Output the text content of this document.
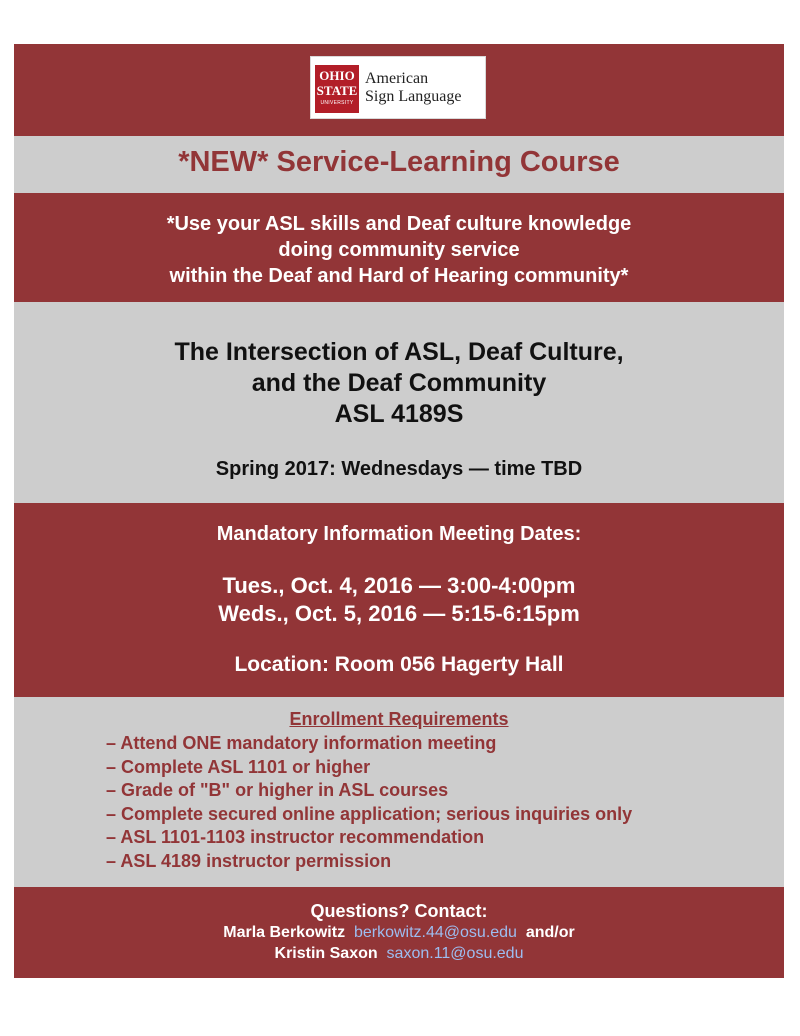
OHIO
STATE
UNIVERSITY
American
Sign Language
*NEW* Service-Learning Course
*Use your ASL skills and Deaf culture knowledge
doing community service
within the Deaf and Hard of Hearing community*
The Intersection of ASL, Deaf Culture,
and the Deaf Community
ASL 4189S
Spring 2017: Wednesdays — time TBD
Mandatory Information Meeting Dates:
Tues., Oct. 4, 2016 — 3:00-4:00pm
Weds., Oct. 5, 2016 — 5:15-6:15pm
Location: Room 056 Hagerty Hall
Enrollment Requirements
– Attend ONE mandatory information meeting
– Complete ASL 1101 or higher
– Grade of "B" or higher in ASL courses
– Complete secured online application; serious inquiries only
– ASL 1101-1103 instructor recommendation
– ASL 4189 instructor permission
Questions? Contact:
Marla Berkowitz berkowitz.44@osu.edu and/or
Kristin Saxon saxon.11@osu.edu
